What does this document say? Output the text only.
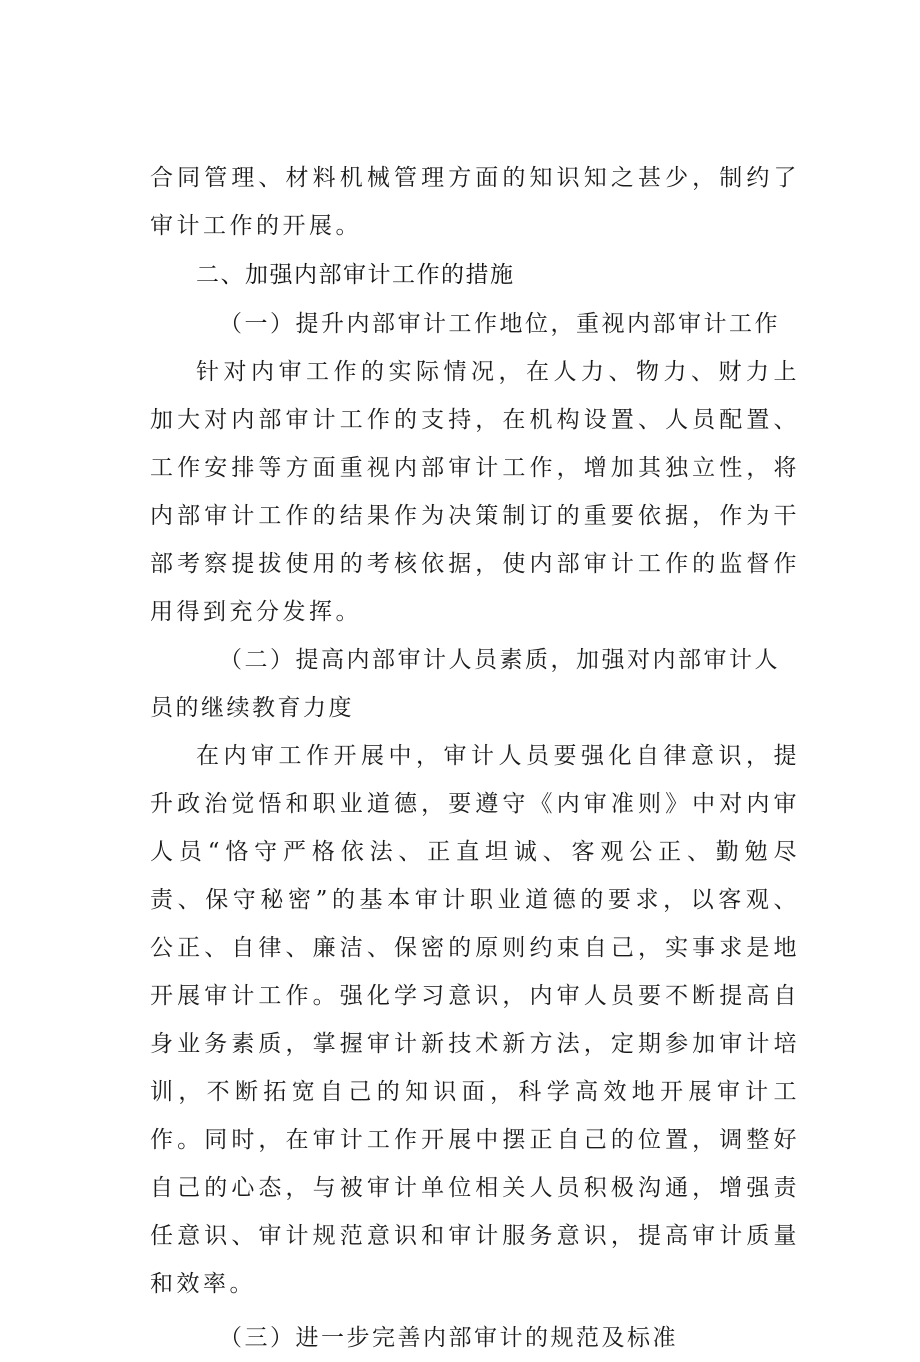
合同管理、材料机械管理方面的知识知之甚少，制约了审计工作的开展。

二、加强内部审计工作的措施

（一）提升内部审计工作地位，重视内部审计工作

针对内审工作的实际情况，在人力、物力、财力上加大对内部审计工作的支持，在机构设置、人员配置、工作安排等方面重视内部审计工作，增加其独立性，将内部审计工作的结果作为决策制订的重要依据，作为干部考察提拔使用的考核依据，使内部审计工作的监督作用得到充分发挥。

（二）提高内部审计人员素质，加强对内部审计人员的继续教育力度

在内审工作开展中，审计人员要强化自律意识，提升政治觉悟和职业道德，要遵守《内审准则》中对内审人员“恪守严格依法、正直坦诚、客观公正、勤勉尽责、保守秘密”的基本审计职业道德的要求，以客观、公正、自律、廉洁、保密的原则约束自己，实事求是地开展审计工作。强化学习意识，内审人员要不断提高自身业务素质，掌握审计新技术新方法，定期参加审计培训，不断拓宽自己的知识面，科学高效地开展审计工作。同时，在审计工作开展中摆正自己的位置，调整好自己的心态，与被审计单位相关人员积极沟通，增强责任意识、审计规范意识和审计服务意识，提高审计质量和效率。

（三）进一步完善内部审计的规范及标准
